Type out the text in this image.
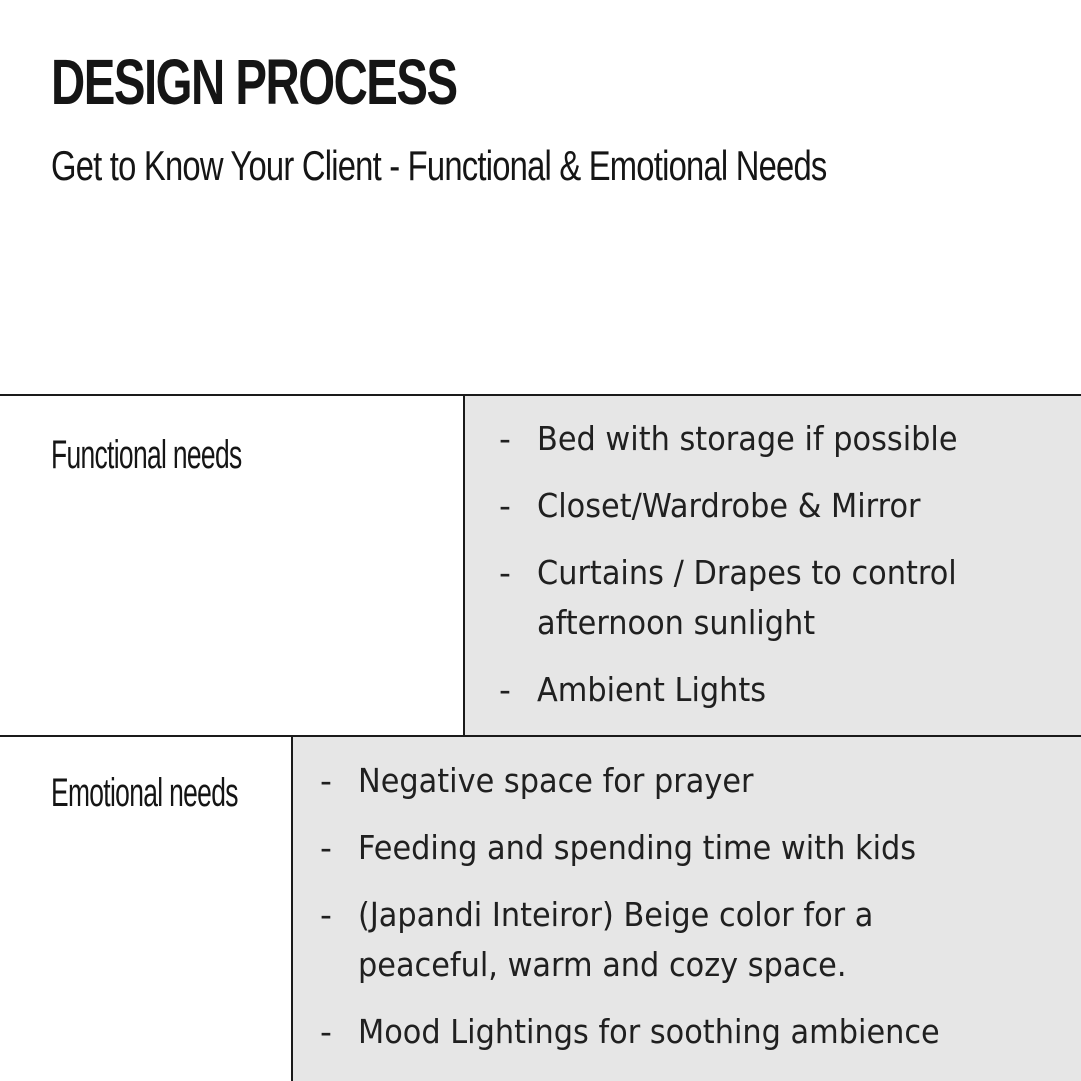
DESIGN PROCESS
Get to Know Your Client - Functional & Emotional Needs
Functional needs
Emotional needs
- Bed with storage if possible
- Closet/Wardrobe & Mirror
- Curtains / Drapes to control afternoon sunlight
- Ambient Lights
- Negative space for prayer
- Feeding and spending time with kids
- (Japandi Inteiror) Beige color for a peaceful, warm and cozy space.
- Mood Lightings for soothing ambience
